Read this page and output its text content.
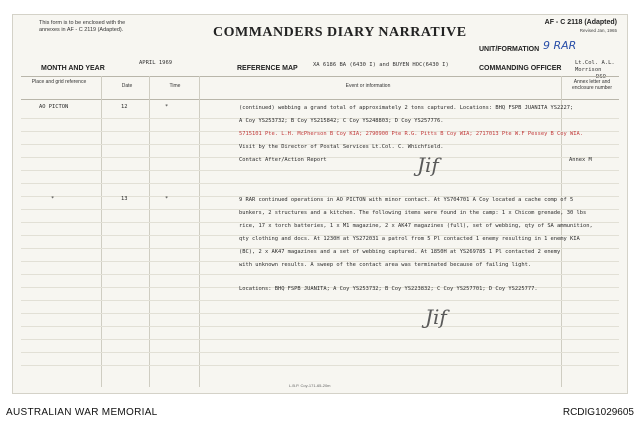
This form is to be enclosed with the
annexes in AF - C 2119 (Adapted).
AF - C 2118 (Adapted)
Revised Jan, 1965
COMMANDERS DIARY NARRATIVE
UNIT/FORMATION 9 RAR
MONTH AND YEAR
APRIL 1969
REFERENCE MAP	XA 6186 BA (6430 I) and BUYEN HOC(6430 I)	COMMANDING OFFICER
Lt.Col. A.L. Morrison
DSO
Place and grid reference
Date	Time	Event or information
Annex letter and enclosure number
AO PICTON	12	*	(continued) webbing a grand total of approximately 2 tons captured. Locations: BHQ FSPB JUANITA YS2227;
A Coy YS253732; B Coy YS215842; C Coy YS248803; D Coy YS257776.
5715101 Pte. L.H. McPherson B Coy KIA; 2790900 Pte R.G. Pitts B Coy WIA; 2717013 Pte W.F Pessey B Coy WIA.
Visit by the Director of Postal Services Lt.Col. C. Whichfield.
Contact After/Action Report	Annex M
Jif
*	13	*	9 RAR continued operations in AO PICTON with minor contact. At YS704701 A Coy located a cache comp of 5
bunkers, 2 structures and a kitchen. The following items were found in the camp: 1 x Chicom grenade, 30 lbs
rice, 17 x torch batteries, 1 x M1 magazine, 2 x AK47 magazines (full), set of webbing, qty of SA ammunition,
qty clothing and docs. At 1230H at YS272031 a patrol from 5 Pl contacted 1 enemy resulting in 1 enemy KIA
(BC), 2 x AK47 magazines and a set of webbing captured. At 1850H at YS269785 1 Pl contacted 2 enemy
with unknown results. A sweep of the contact area was terminated because of failing light.
Locations: BHQ FSPB JUANITA; A Coy YS253732; B Coy YS223832; C Coy YS257701; D Coy YS225777.
Jif
L.B.P. Coy-171-65-20m
AUSTRALIAN WAR MEMORIAL	RCDIG1029605
